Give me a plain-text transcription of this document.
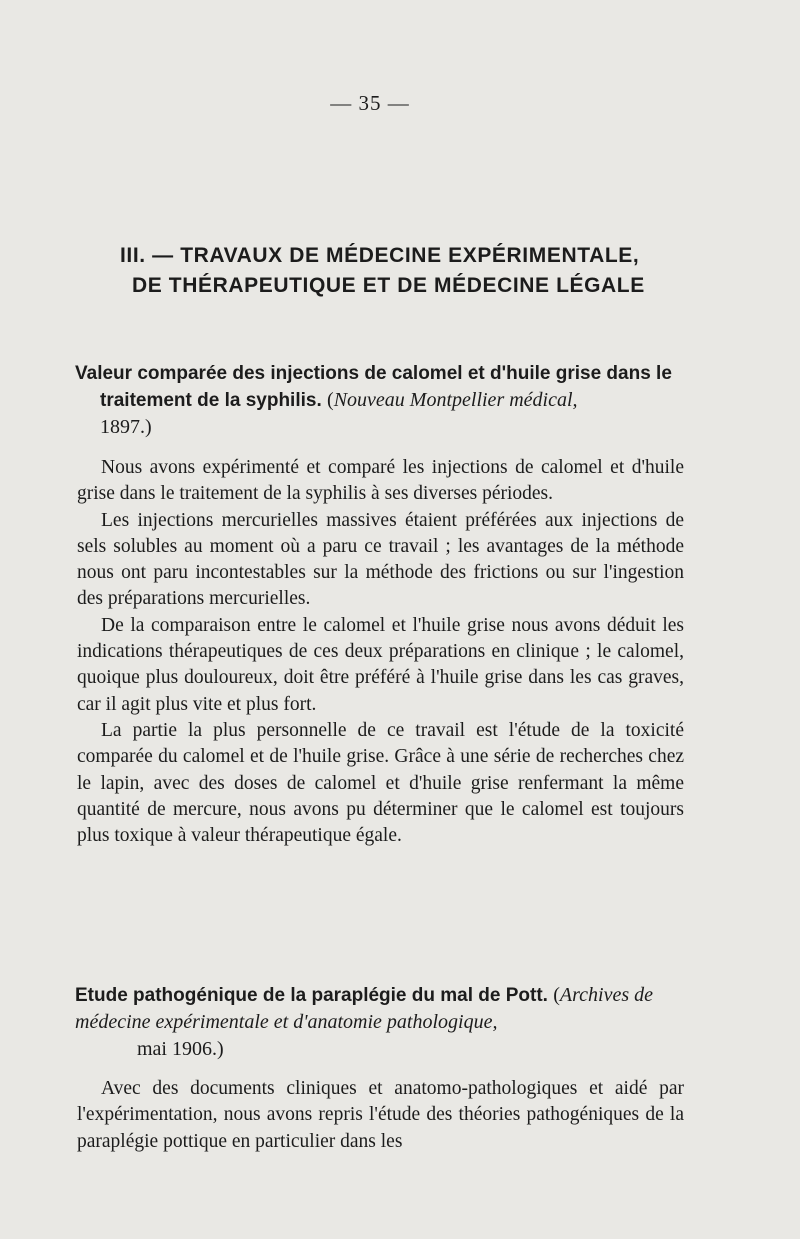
— 35 —
III. — TRAVAUX DE MÉDECINE EXPÉRIMENTALE,
DE THÉRAPEUTIQUE ET DE MÉDECINE LÉGALE
Valeur comparée des injections de calomel et d'huile grise dans le
traitement de la syphilis. (Nouveau Montpellier médical,
1897.)

Nous avons expérimenté et comparé les injections de calomel et d'huile grise dans le traitement de la syphilis à ses diverses périodes.

Les injections mercurielles massives étaient préférées aux injections de sels solubles au moment où a paru ce travail ; les avantages de la méthode nous ont paru incontestables sur la méthode des frictions ou sur l'ingestion des préparations mercurielles.

De la comparaison entre le calomel et l'huile grise nous avons déduit les indications thérapeutiques de ces deux préparations en clinique ; le calomel, quoique plus douloureux, doit être préféré à l'huile grise dans les cas graves, car il agit plus vite et plus fort.

La partie la plus personnelle de ce travail est l'étude de la toxicité comparée du calomel et de l'huile grise. Grâce à une série de recherches chez le lapin, avec des doses de calomel et d'huile grise renfermant la même quantité de mercure, nous avons pu déterminer que le calomel est toujours plus toxique à valeur thérapeutique égale.

Etude pathogénique de la paraplégie du mal de Pott. (Archives de médecine expérimentale et d'anatomie pathologique,
mai 1906.)

Avec des documents cliniques et anatomo-pathologiques et aidé par l'expérimentation, nous avons repris l'étude des théories pathogéniques de la paraplégie pottique en particulier dans les
